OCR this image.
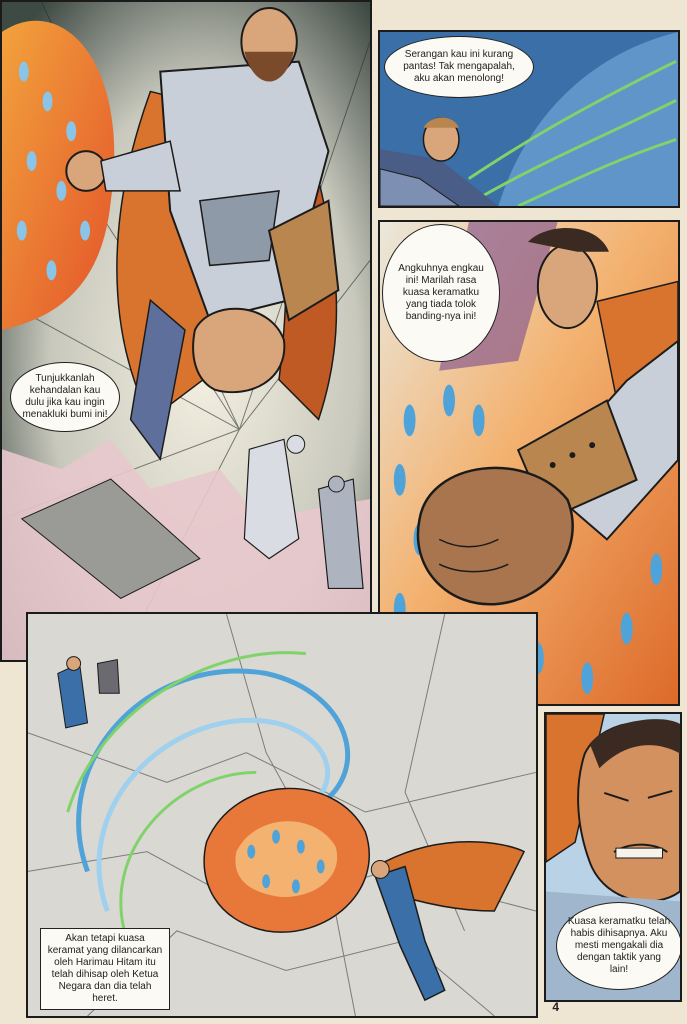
Tunjukkanlah kehandalan kau dulu jika kau ingin menakluki bumi ini!
Serangan kau ini kurang pantas! Tak mengapalah, aku akan menolong!
Angkuhnya engkau ini! Marilah rasa kuasa keramatku yang tiada tolok banding-nya ini!
Akan tetapi kuasa keramat yang dilancarkan oleh Harimau Hitam itu telah dihisap oleh Ketua Negara dan dia telah heret.
Kuasa keramatku telah habis dihisapnya. Aku mesti mengakali dia dengan taktik yang lain!
4
